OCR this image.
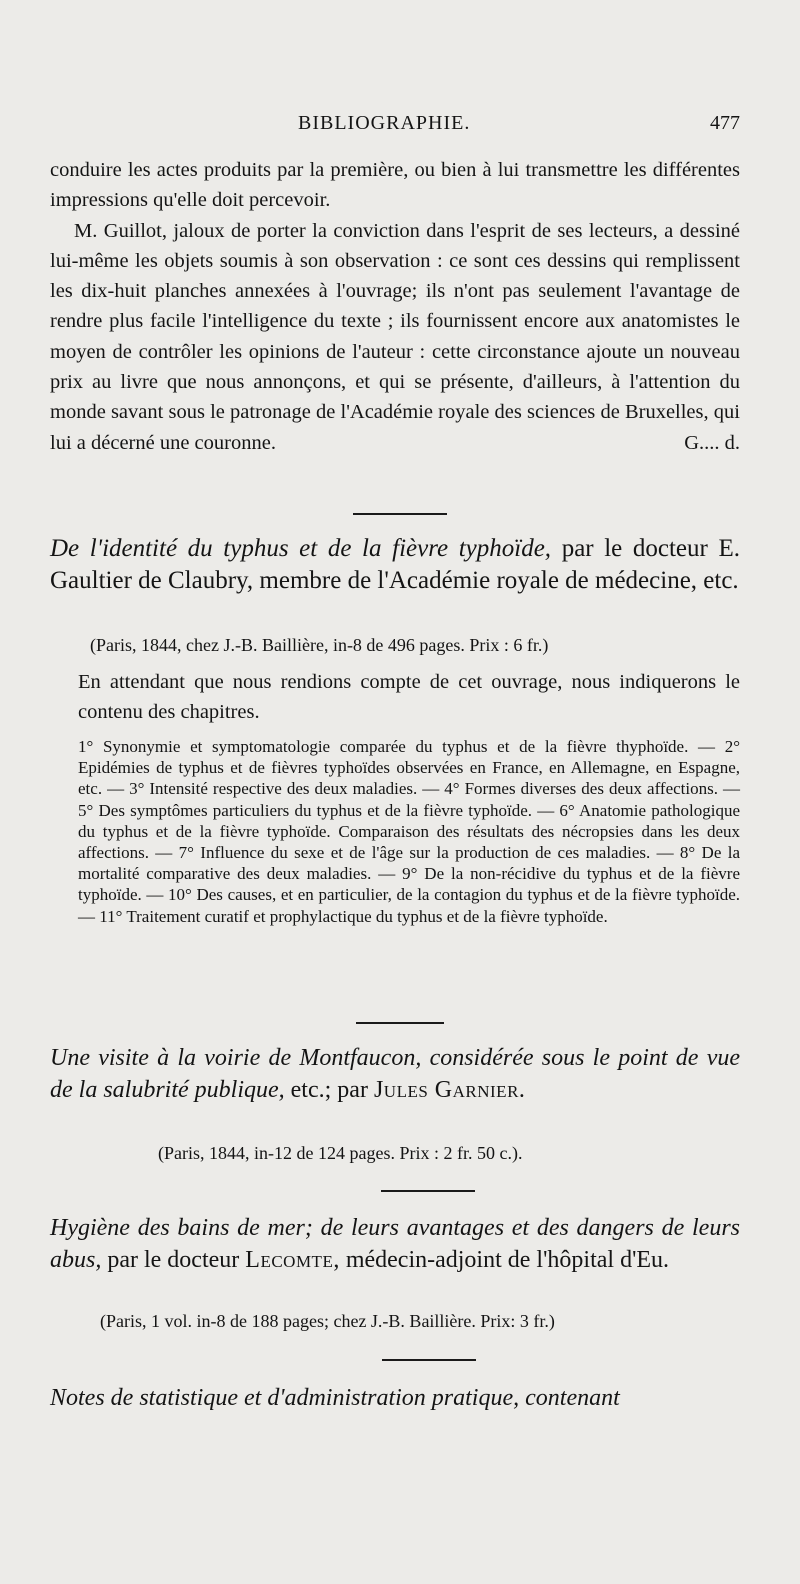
BIBLIOGRAPHIE.	477

conduire les actes produits par la première, ou bien à lui transmettre les différentes impressions qu'elle doit percevoir.

M. Guillot, jaloux de porter la conviction dans l'esprit de ses lecteurs, a dessiné lui-même les objets soumis à son observation : ce sont ces dessins qui remplissent les dix-huit planches annexées à l'ouvrage; ils n'ont pas seulement l'avantage de rendre plus facile l'intelligence du texte ; ils fournissent encore aux anatomistes le moyen de contrôler les opinions de l'auteur : cette circonstance ajoute un nouveau prix au livre que nous annonçons, et qui se présente, d'ailleurs, à l'attention du monde savant sous le patronage de l'Académie royale des sciences de Bruxelles, qui lui a décerné une couronne.	G.... d.

De l'identité du typhus et de la fièvre typhoïde, par le docteur E. Gaultier de Claubry, membre de l'Académie royale de médecine, etc.
(Paris, 1844, chez J.-B. Baillière, in-8 de 496 pages. Prix : 6 fr.)

En attendant que nous rendions compte de cet ouvrage, nous indiquerons le contenu des chapitres.

1° Synonymie et symptomatologie comparée du typhus et de la fièvre thyphoïde. — 2° Epidémies de typhus et de fièvres typhoïdes observées en France, en Allemagne, en Espagne, etc. — 3° Intensité respective des deux maladies. — 4° Formes diverses des deux affections. — 5° Des symptômes particuliers du typhus et de la fièvre typhoïde. — 6° Anatomie pathologique du typhus et de la fièvre typhoïde. Comparaison des résultats des nécropsies dans les deux affections. — 7° Influence du sexe et de l'âge sur la production de ces maladies. — 8° De la mortalité comparative des deux maladies. — 9° De la non-récidive du typhus et de la fièvre typhoïde. — 10° Des causes, et en particulier, de la contagion du typhus et de la fièvre typhoïde. — 11° Traitement curatif et prophylactique du typhus et de la fièvre typhoïde.

Une visite à la voirie de Montfaucon, considérée sous le point de vue de la salubrité publique, etc.; par Jules Garnier.
(Paris, 1844, in-12 de 124 pages. Prix : 2 fr. 50 c.).
Hygiène des bains de mer; de leurs avantages et des dangers de leurs abus, par le docteur Lecomte, médecin-adjoint de l'hôpital d'Eu.
(Paris, 1 vol. in-8 de 188 pages; chez J.-B. Baillière. Prix: 3 fr.)
Notes de statistique et d'administration pratique, contenant
